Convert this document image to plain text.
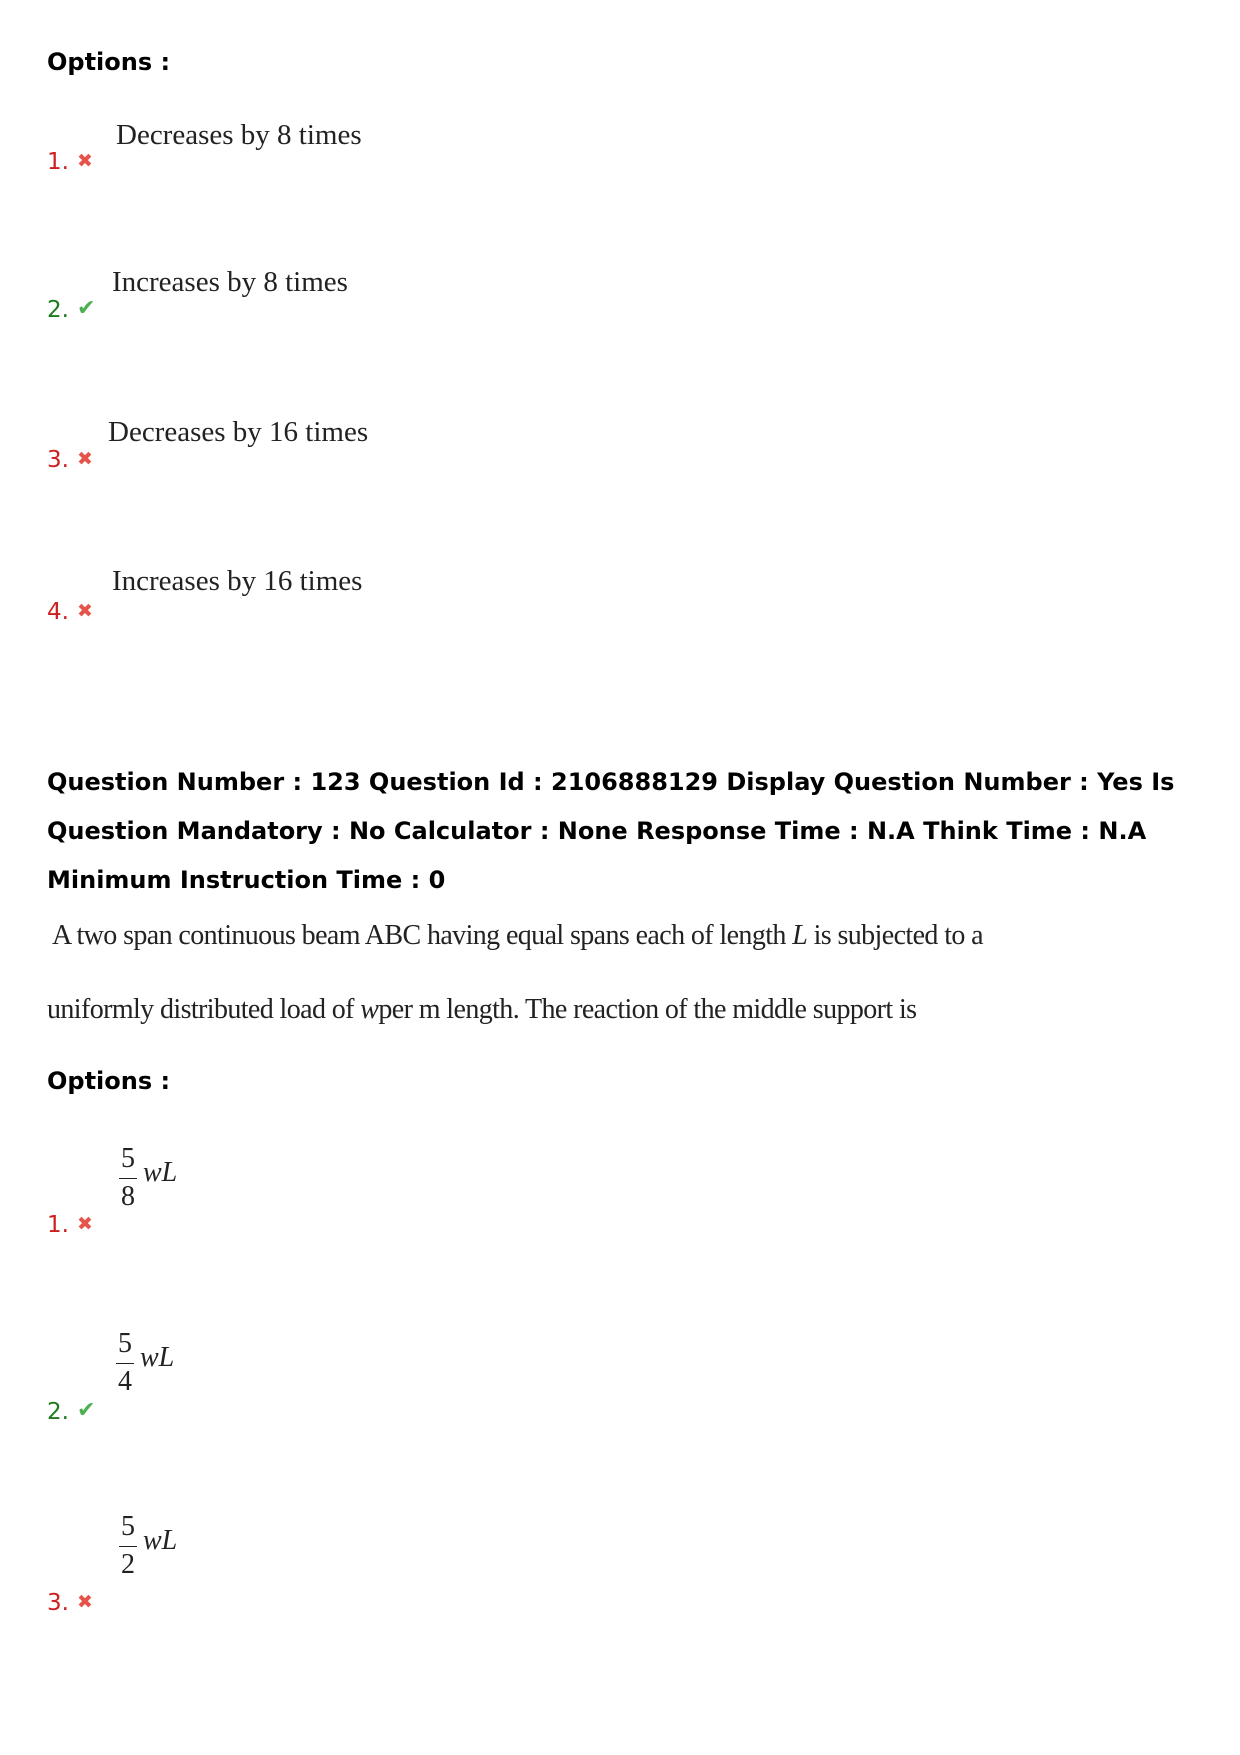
Options :
1. ✖
Decreases by 8 times
2. ✔
Increases by 8 times
3. ✖
Decreases by 16 times
4. ✖
Increases by 16 times
Question Number : 123 Question Id : 2106888129 Display Question Number : Yes Is Question Mandatory : No Calculator : None Response Time : N.A Think Time : N.A Minimum Instruction Time : 0
A two span continuous beam ABC having equal spans each of length L is subjected to a
uniformly distributed load of wper m length. The reaction of the middle support is
Options :
1. ✖
5
8
wL
2. ✔
5
4
wL
3. ✖
5
2
wL
